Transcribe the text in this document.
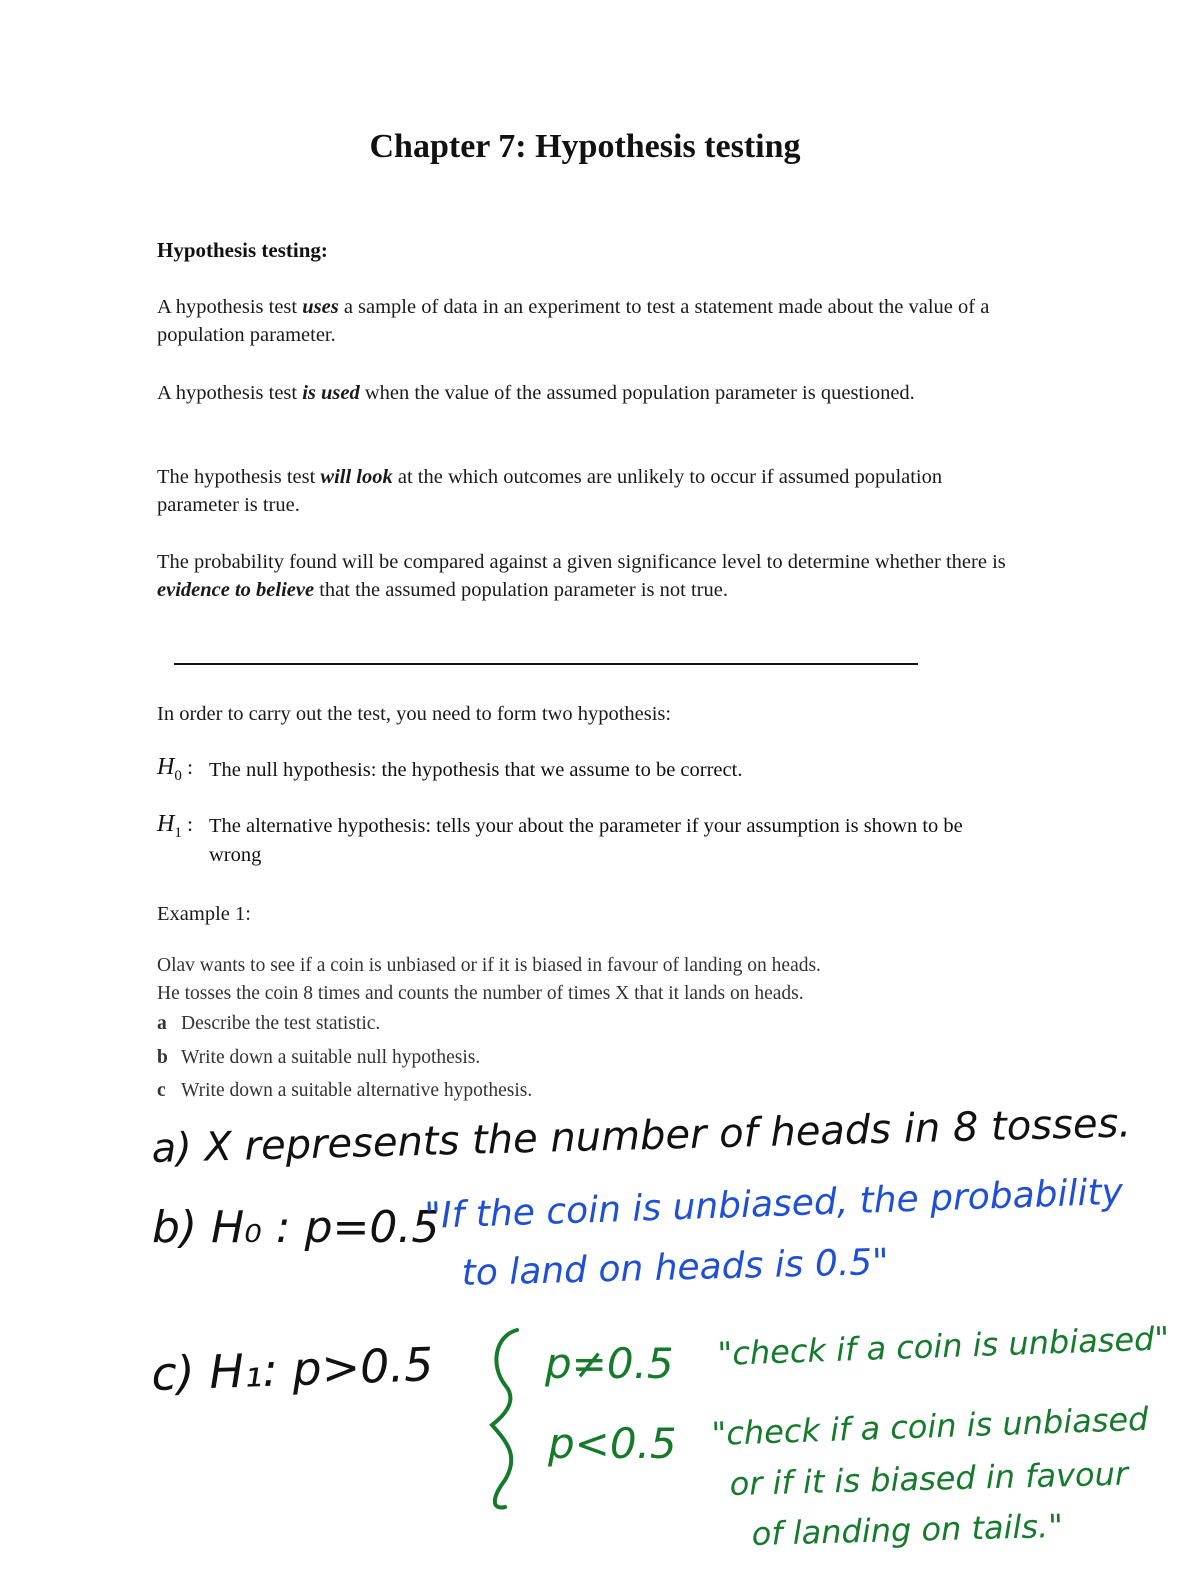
Chapter 7: Hypothesis testing
Hypothesis testing:
A hypothesis test uses a sample of data in an experiment to test a statement made about the value of a population parameter.
A hypothesis test is used when the value of the assumed population parameter is questioned.
The hypothesis test will look at the which outcomes are unlikely to occur if assumed population parameter is true.
The probability found will be compared against a given significance level to determine whether there is evidence to believe that the assumed population parameter is not true.
In order to carry out the test, you need to form two hypothesis:
$H_0$ : The null hypothesis: the hypothesis that we assume to be correct.
$H_1$ : The alternative hypothesis: tells your about the parameter if your assumption is shown to be wrong
Example 1:
Olav wants to see if a coin is unbiased or if it is biased in favour of landing on heads.
He tosses the coin 8 times and counts the number of times X that it lands on heads.
a Describe the test statistic.
b Write down a suitable null hypothesis.
c Write down a suitable alternative hypothesis.
a) X represents the number of heads in 8 tosses.
b) H₀ : p=0.5
"If the coin is unbiased, the probability
to land on heads is 0.5"
c) H₁: p>0.5	p≠0.5 "check if a coin is unbiased"
p<0.5 "check if a coin is unbiased
or if it is biased in favour
of landing on tails."
